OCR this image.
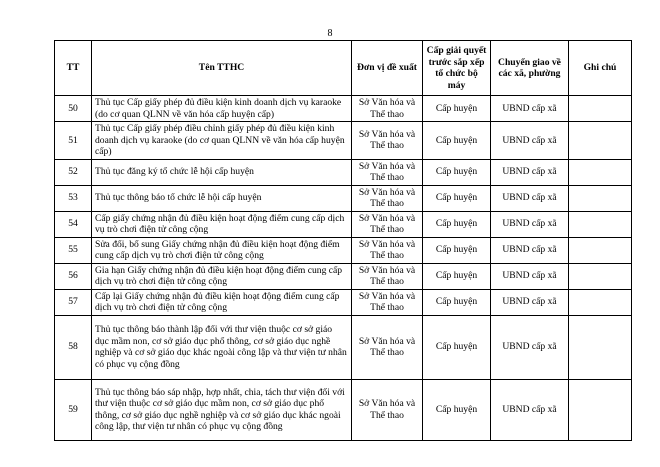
8
TT	Tên TTHC	Đơn vị đề xuất	Cấp giải quyết trước sắp xếp tổ chức bộ máy	Chuyển giao về các xã, phường	Ghi chú
50	Thủ tục Cấp giấy phép đủ điều kiện kinh doanh dịch vụ karaoke (do cơ quan QLNN về văn hóa cấp huyện cấp)	Sở Văn hóa và Thể thao	Cấp huyện	UBND cấp xã	
51	Thủ tục Cấp giấy phép điều chỉnh giấy phép đủ điều kiện kinh doanh dịch vụ karaoke (do cơ quan QLNN về văn hóa cấp huyện cấp)	Sở Văn hóa và Thể thao	Cấp huyện	UBND cấp xã	
52	Thủ tục đăng ký tổ chức lễ hội cấp huyện	Sở Văn hóa và Thể thao	Cấp huyện	UBND cấp xã	
53	Thủ tục thông báo tổ chức lễ hội cấp huyện	Sở Văn hóa và Thể thao	Cấp huyện	UBND cấp xã	
54	Cấp giấy chứng nhận đủ điều kiện hoạt động điểm cung cấp dịch vụ trò chơi điện tử công cộng	Sở Văn hóa và Thể thao	Cấp huyện	UBND cấp xã	
55	Sửa đổi, bổ sung Giấy chứng nhận đủ điều kiện hoạt động điểm cung cấp dịch vụ trò chơi điện tử công cộng	Sở Văn hóa và Thể thao	Cấp huyện	UBND cấp xã	
56	Gia hạn Giấy chứng nhận đủ điều kiện hoạt động điểm cung cấp dịch vụ trò chơi điện tử công cộng	Sở Văn hóa và Thể thao	Cấp huyện	UBND cấp xã	
57	Cấp lại Giấy chứng nhận đủ điều kiện hoạt động điểm cung cấp dịch vụ trò chơi điện tử công cộng	Sở Văn hóa và Thể thao	Cấp huyện	UBND cấp xã	
58	Thủ tục thông báo thành lập đối với thư viện thuộc cơ sở giáo dục mầm non, cơ sở giáo dục phổ thông, cơ sở giáo dục nghề nghiệp và cơ sở giáo dục khác ngoài công lập và thư viện tư nhân có phục vụ cộng đồng	Sở Văn hóa và Thể thao	Cấp huyện	UBND cấp xã	
59	Thủ tục thông báo sáp nhập, hợp nhất, chia, tách thư viện đối với thư viện thuộc cơ sở giáo dục mầm non, cơ sở giáo dục phổ thông, cơ sở giáo dục nghề nghiệp và cơ sở giáo dục khác ngoài công lập, thư viện tư nhân có phục vụ cộng đồng	Sở Văn hóa và Thể thao	Cấp huyện	UBND cấp xã	
